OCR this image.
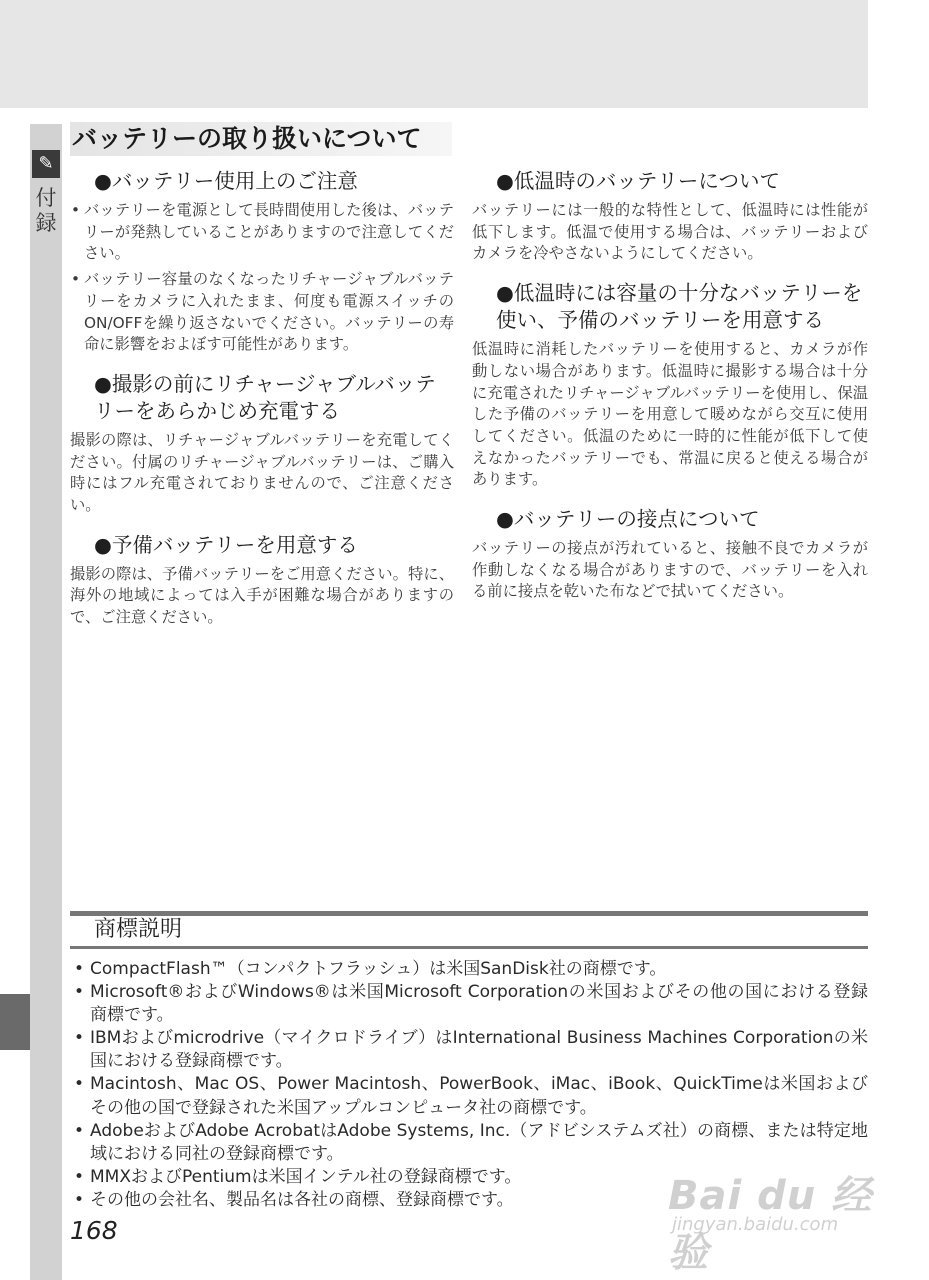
✎
付録
バッテリーの取り扱いについて
●バッテリー使用上のご注意
• バッテリーを電源として長時間使用した後は、バッテリーが発熱していることがありますので注意してください。
• バッテリー容量のなくなったリチャージャブルバッテリーをカメラに入れたまま、何度も電源スイッチのON/OFFを繰り返さないでください。バッテリーの寿命に影響をおよぼす可能性があります。
●撮影の前にリチャージャブルバッテリーをあらかじめ充電する

撮影の際は、リチャージャブルバッテリーを充電してください。付属のリチャージャブルバッテリーは、ご購入時にはフル充電されておりませんので、ご注意ください。

●予備バッテリーを用意する

撮影の際は、予備バッテリーをご用意ください。特に、海外の地域によっては入手が困難な場合がありますので、ご注意ください。

●低温時のバッテリーについて

バッテリーには一般的な特性として、低温時には性能が低下します。低温で使用する場合は、バッテリーおよびカメラを冷やさないようにしてください。

●低温時には容量の十分なバッテリーを使い、予備のバッテリーを用意する

低温時に消耗したバッテリーを使用すると、カメラが作動しない場合があります。低温時に撮影する場合は十分に充電されたリチャージャブルバッテリーを使用し、保温した予備のバッテリーを用意して暖めながら交互に使用してください。低温のために一時的に性能が低下して使えなかったバッテリーでも、常温に戻ると使える場合があります。

●バッテリーの接点について

バッテリーの接点が汚れていると、接触不良でカメラが作動しなくなる場合がありますので、バッテリーを入れる前に接点を乾いた布などで拭いてください。

商標説明
• CompactFlash™（コンパクトフラッシュ）は米国SanDisk社の商標です。
• Microsoft®およびWindows®は米国Microsoft Corporationの米国およびその他の国における登録商標です。
• IBMおよびmicrodrive（マイクロドライブ）はInternational Business Machines Corporationの米国における登録商標です。
• Macintosh、Mac OS、Power Macintosh、PowerBook、iMac、iBook、QuickTimeは米国およびその他の国で登録された米国アップルコンピュータ社の商標です。
• AdobeおよびAdobe AcrobatはAdobe Systems, Inc.（アドビシステムズ社）の商標、または特定地域における同社の登録商標です。
• MMXおよびPentiumは米国インテル社の登録商標です。
• その他の会社名、製品名は各社の商標、登録商標です。
168
Bai du 经验
jingyan.baidu.com
